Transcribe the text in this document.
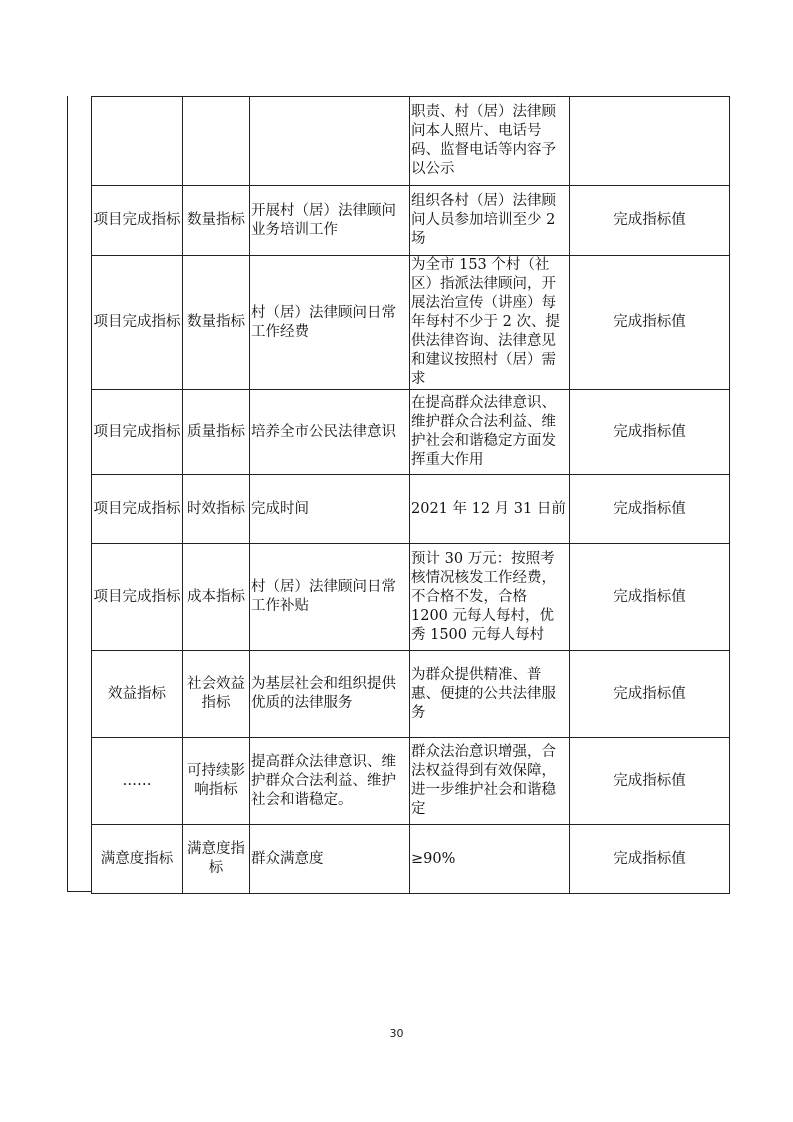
			职责、村（居）法律顾问本人照片、电话号码、监督电话等内容予以公示	

项目完成指标	数量指标	开展村（居）法律顾问业务培训工作	组织各村（居）法律顾问人员参加培训至少 2 场	完成指标值

项目完成指标	数量指标	村（居）法律顾问日常工作经费	为全市 153 个村（社区）指派法律顾问，开展法治宣传（讲座）每年每村不少于 2 次、提供法律咨询、法律意见和建议按照村（居）需求	完成指标值

项目完成指标	质量指标	培养全市公民法律意识	在提高群众法律意识、维护群众合法利益、维护社会和谐稳定方面发挥重大作用	完成指标值

项目完成指标	时效指标	完成时间	2021 年 12 月 31 日前	完成指标值

项目完成指标	成本指标	村（居）法律顾问日常工作补贴	预计 30 万元：按照考核情况核发工作经费，不合格不发，合格 1200 元每人每村，优秀 1500 元每人每村	完成指标值

效益指标	社会效益指标	为基层社会和组织提供优质的法律服务	为群众提供精准、普惠、便捷的公共法律服务	完成指标值

……	可持续影响指标	提高群众法律意识、维护群众合法利益、维护社会和谐稳定。	群众法治意识增强，合法权益得到有效保障，进一步维护社会和谐稳定	完成指标值

满意度指标	满意度指标	群众满意度	≥90%	完成指标值
30
